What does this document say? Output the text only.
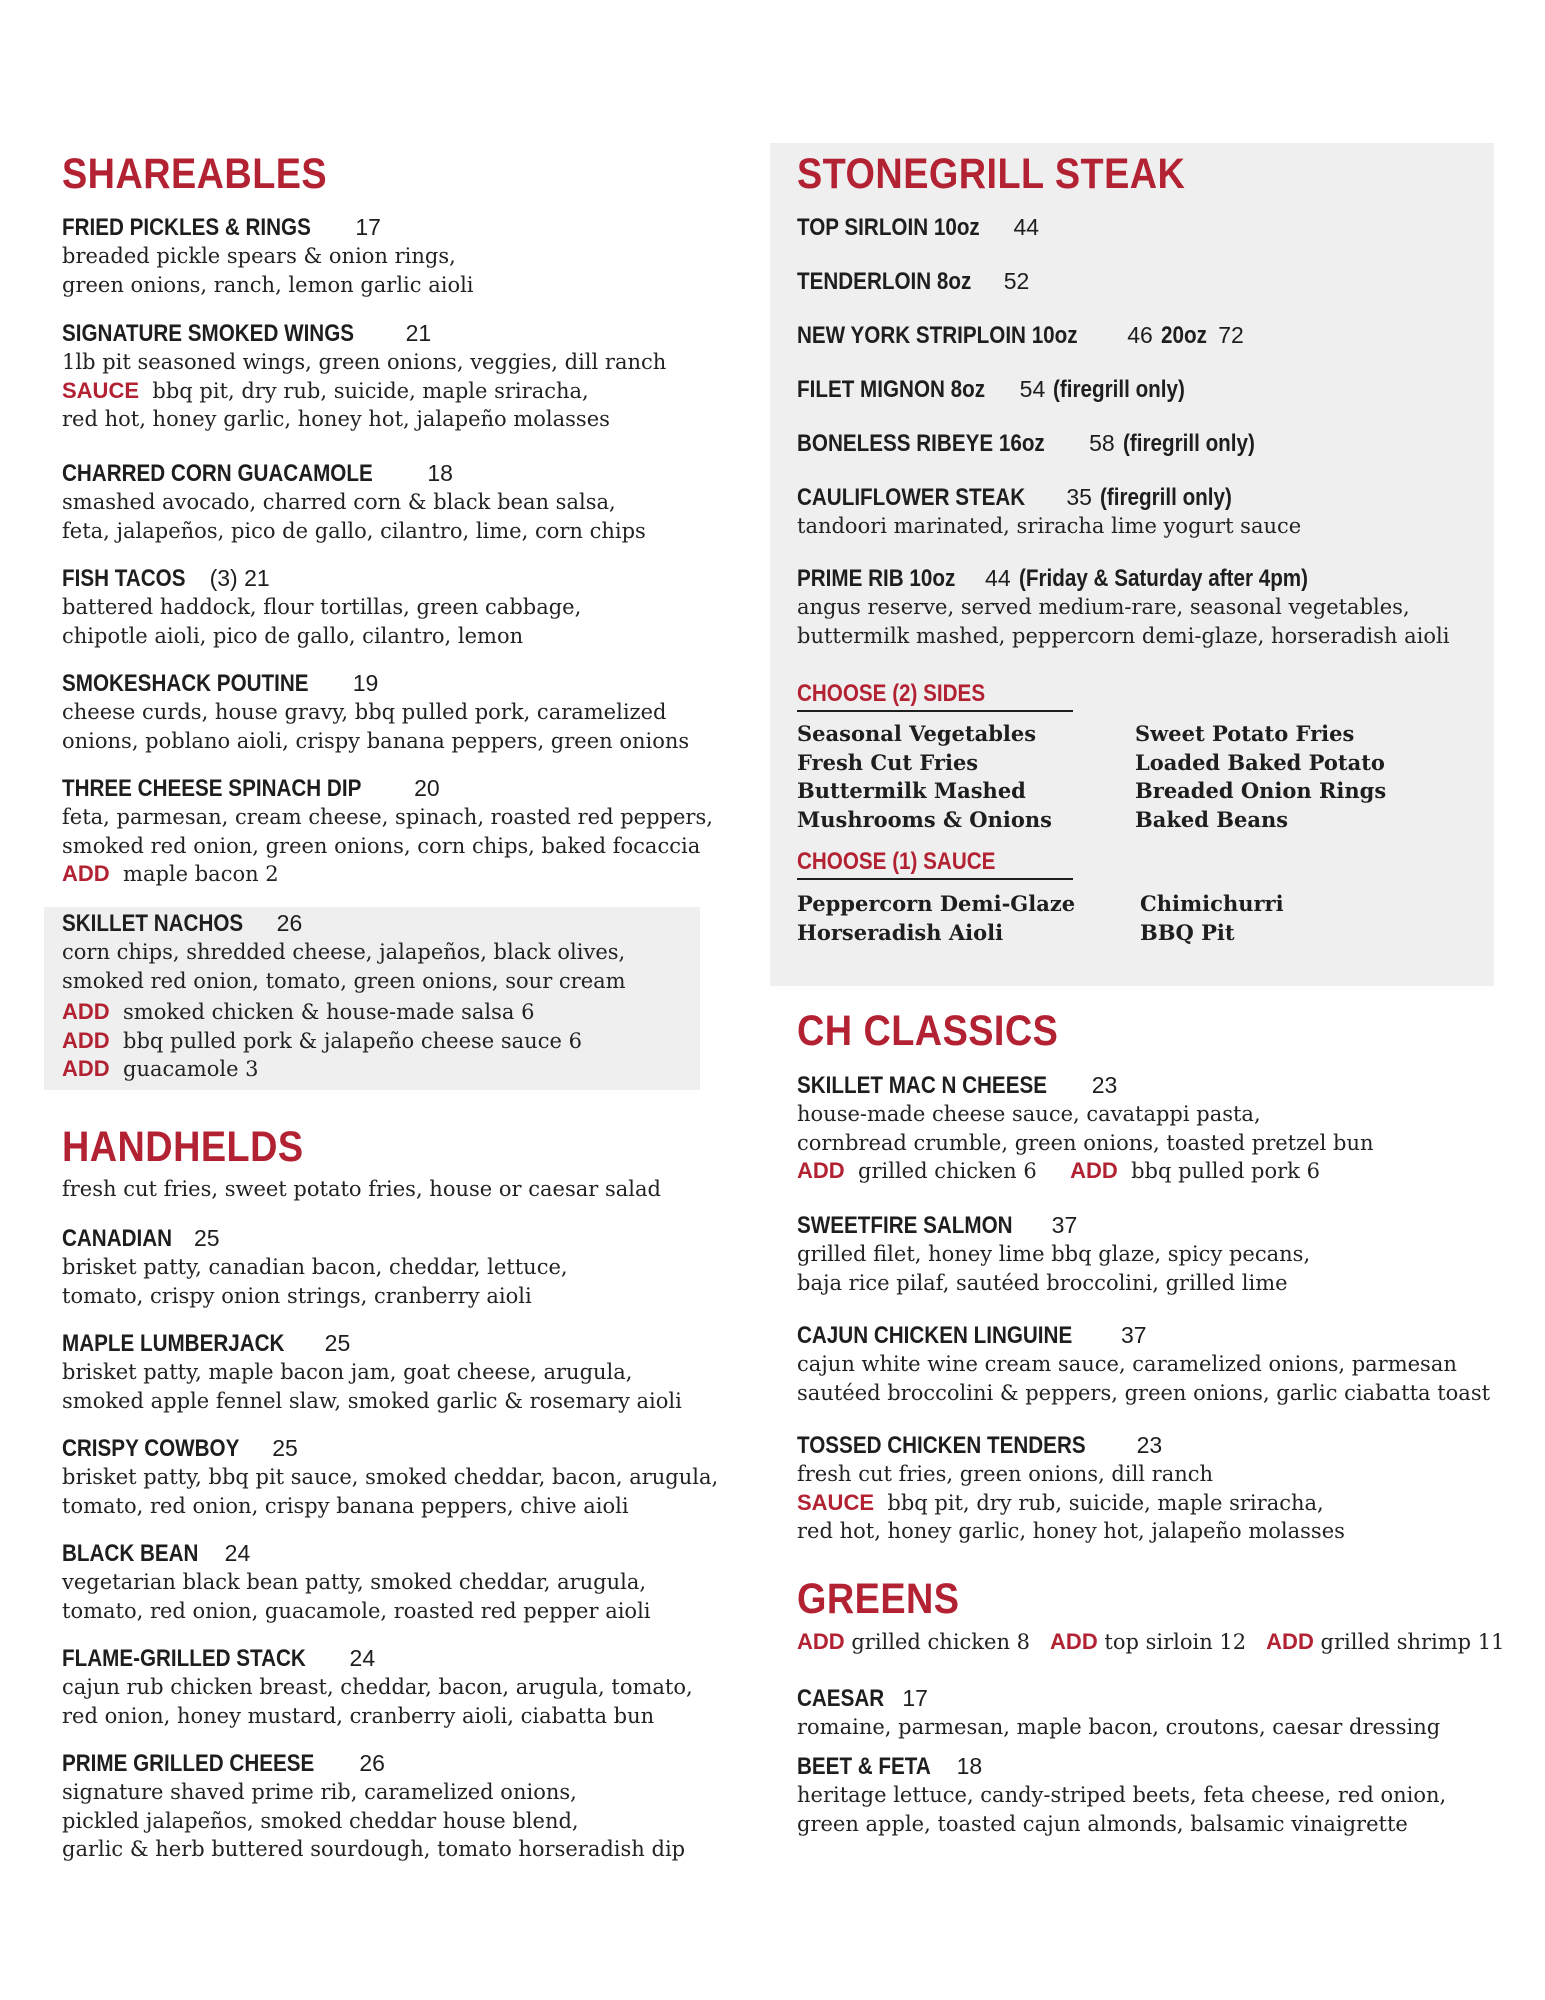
SHAREABLES
FRIED PICKLES & RINGS 17
breaded pickle spears & onion rings,
green onions, ranch, lemon garlic aioli
SIGNATURE SMOKED WINGS 21
1lb pit seasoned wings, green onions, veggies, dill ranch
SAUCE bbq pit, dry rub, suicide, maple sriracha,
red hot, honey garlic, honey hot, jalapeño molasses
CHARRED CORN GUACAMOLE 18
smashed avocado, charred corn & black bean salsa,
feta, jalapeños, pico de gallo, cilantro, lime, corn chips
FISH TACOS (3) 21
battered haddock, flour tortillas, green cabbage,
chipotle aioli, pico de gallo, cilantro, lemon
SMOKESHACK POUTINE 19
cheese curds, house gravy, bbq pulled pork, caramelized
onions, poblano aioli, crispy banana peppers, green onions
THREE CHEESE SPINACH DIP 20
feta, parmesan, cream cheese, spinach, roasted red peppers,
smoked red onion, green onions, corn chips, baked focaccia
ADD maple bacon 2
SKILLET NACHOS 26
corn chips, shredded cheese, jalapeños, black olives,
smoked red onion, tomato, green onions, sour cream
ADD smoked chicken & house-made salsa 6
ADD bbq pulled pork & jalapeño cheese sauce 6
ADD guacamole 3
HANDHELDS
fresh cut fries, sweet potato fries, house or caesar salad
CANADIAN 25
brisket patty, canadian bacon, cheddar, lettuce,
tomato, crispy onion strings, cranberry aioli
MAPLE LUMBERJACK 25
brisket patty, maple bacon jam, goat cheese, arugula,
smoked apple fennel slaw, smoked garlic & rosemary aioli
CRISPY COWBOY 25
brisket patty, bbq pit sauce, smoked cheddar, bacon, arugula,
tomato, red onion, crispy banana peppers, chive aioli
BLACK BEAN 24
vegetarian black bean patty, smoked cheddar, arugula,
tomato, red onion, guacamole, roasted red pepper aioli
FLAME-GRILLED STACK 24
cajun rub chicken breast, cheddar, bacon, arugula, tomato,
red onion, honey mustard, cranberry aioli, ciabatta bun
PRIME GRILLED CHEESE 26
signature shaved prime rib, caramelized onions,
pickled jalapeños, smoked cheddar house blend,
garlic & herb buttered sourdough, tomato horseradish dip
STONEGRILL STEAK
TOP SIRLOIN 10oz 44
TENDERLOIN 8oz 52
NEW YORK STRIPLOIN 10oz 46 20oz 72
FILET MIGNON 8oz 54 (firegrill only)
BONELESS RIBEYE 16oz 58 (firegrill only)
CAULIFLOWER STEAK 35 (firegrill only)
tandoori marinated, sriracha lime yogurt sauce
PRIME RIB 10oz 44 (Friday & Saturday after 4pm)
angus reserve, served medium-rare, seasonal vegetables,
buttermilk mashed, peppercorn demi-glaze, horseradish aioli
CHOOSE (2) SIDES
Seasonal Vegetables
Fresh Cut Fries
Buttermilk Mashed
Mushrooms & Onions
Sweet Potato Fries
Loaded Baked Potato
Breaded Onion Rings
Baked Beans
CHOOSE (1) SAUCE
Peppercorn Demi-Glaze
Horseradish Aioli
Chimichurri
BBQ Pit
CH CLASSICS
SKILLET MAC N CHEESE 23
house-made cheese sauce, cavatappi pasta,
cornbread crumble, green onions, toasted pretzel bun
ADD grilled chicken 6 ADD bbq pulled pork 6
SWEETFIRE SALMON 37
grilled filet, honey lime bbq glaze, spicy pecans,
baja rice pilaf, sautéed broccolini, grilled lime
CAJUN CHICKEN LINGUINE 37
cajun white wine cream sauce, caramelized onions, parmesan
sautéed broccolini & peppers, green onions, garlic ciabatta toast
TOSSED CHICKEN TENDERS 23
fresh cut fries, green onions, dill ranch
SAUCE bbq pit, dry rub, suicide, maple sriracha,
red hot, honey garlic, honey hot, jalapeño molasses
GREENS
ADD grilled chicken 8 ADD top sirloin 12 ADD grilled shrimp 11
CAESAR 17
romaine, parmesan, maple bacon, croutons, caesar dressing
BEET & FETA 18
heritage lettuce, candy-striped beets, feta cheese, red onion,
green apple, toasted cajun almonds, balsamic vinaigrette
